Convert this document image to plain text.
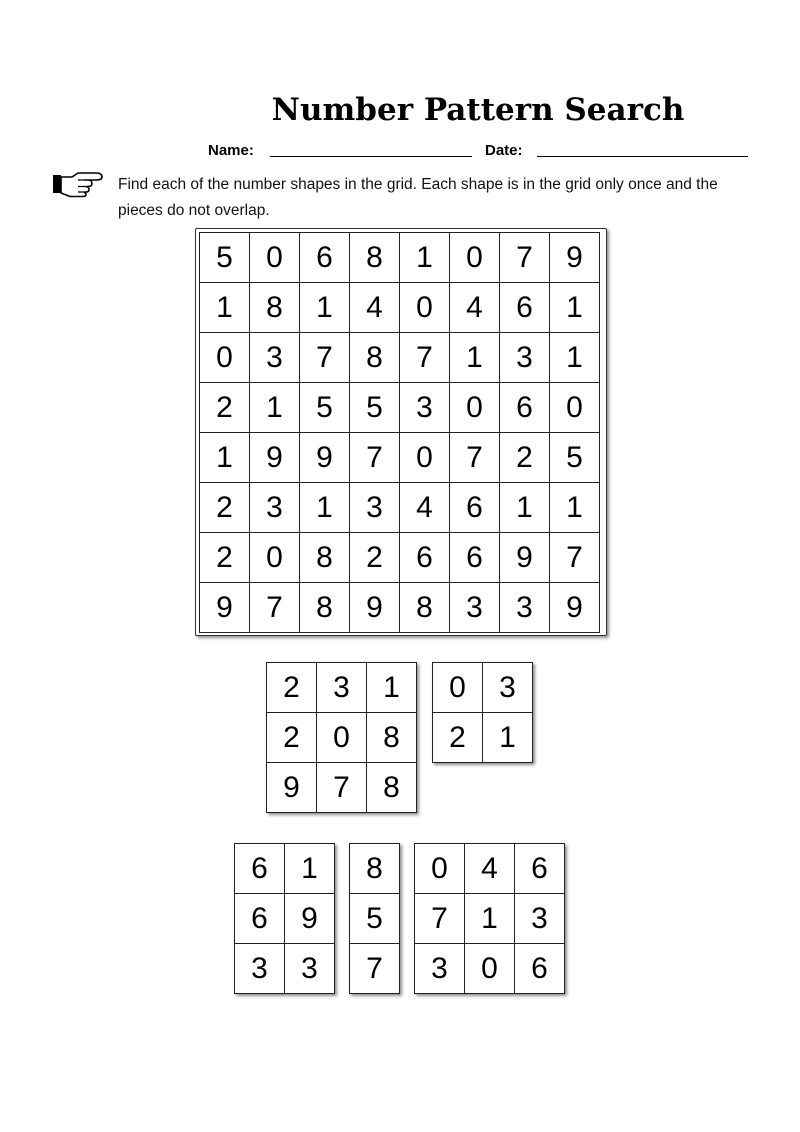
Number Pattern Search
Name:	Date:
Find each of the number shapes in the grid. Each shape is in the grid only once and the pieces do not overlap.
5	0	6	8	1	0	7	9
1	8	1	4	0	4	6	1
0	3	7	8	7	1	3	1
2	1	5	5	3	0	6	0
1	9	9	7	0	7	2	5
2	3	1	3	4	6	1	1
2	0	8	2	6	6	9	7
9	7	8	9	8	3	3	9
2	3	1
2	0	8
9	7	8
0	3
2	1
6	1
6	9
3	3
8
5
7
0	4	6
7	1	3
3	0	6
